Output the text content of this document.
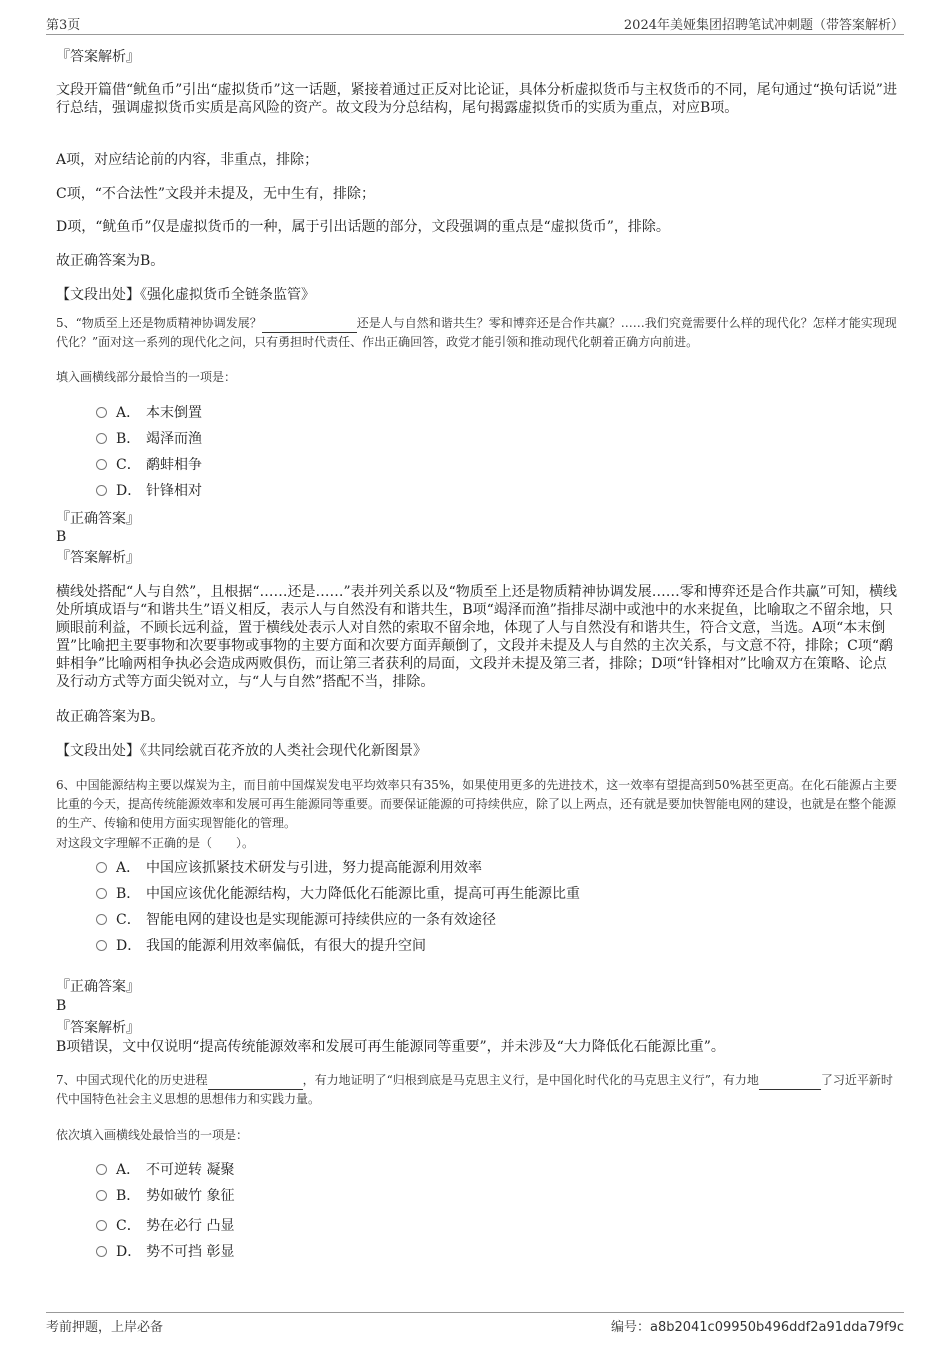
第3页	2024年美娅集团招聘笔试冲刺题（带答案解析）
『答案解析』
文段开篇借“鱿鱼币”引出“虚拟货币”这一话题，紧接着通过正反对比论证，具体分析虚拟货币与主权货币的不同，尾句通过“换句话说”进行总结，强调虚拟货币实质是高风险的资产。故文段为分总结构，尾句揭露虚拟货币的实质为重点，对应B项。
A项，对应结论前的内容，非重点，排除；
C项，“不合法性”文段并未提及，无中生有，排除；
D项，“鱿鱼币”仅是虚拟货币的一种，属于引出话题的部分，文段强调的重点是“虚拟货币”，排除。
故正确答案为B。
【文段出处】《强化虚拟货币全链条监管》
5、“物质至上还是物质精神协调发展？	还是人与自然和谐共生？零和博弈还是合作共赢？……我们究竟需要什么样的现代化？怎样才能实现现代化？”面对这一系列的现代化之问，只有勇担时代责任、作出正确回答，政党才能引领和推动现代化朝着正确方向前进。
填入画横线部分最恰当的一项是：
A． 本末倒置
B． 竭泽而渔
C． 鹬蚌相争
D． 针锋相对
『正确答案』
B
『答案解析』
横线处搭配“人与自然”，且根据“……还是……”表并列关系以及“物质至上还是物质精神协调发展……零和博弈还是合作共赢”可知，横线处所填成语与“和谐共生”语义相反，表示人与自然没有和谐共生，B项“竭泽而渔”指排尽湖中或池中的水来捉鱼，比喻取之不留余地，只顾眼前利益，不顾长远利益，置于横线处表示人对自然的索取不留余地，体现了人与自然没有和谐共生，符合文意，当选。A项“本末倒置”比喻把主要事物和次要事物或事物的主要方面和次要方面弄颠倒了，文段并未提及人与自然的主次关系，与文意不符，排除；C项“鹬蚌相争”比喻两相争执必会造成两败俱伤，而让第三者获利的局面，文段并未提及第三者，排除；D项“针锋相对”比喻双方在策略、论点及行动方式等方面尖锐对立，与“人与自然”搭配不当，排除。
故正确答案为B。
【文段出处】《共同绘就百花齐放的人类社会现代化新图景》
6、中国能源结构主要以煤炭为主，而目前中国煤炭发电平均效率只有35%，如果使用更多的先进技术，这一效率有望提高到50%甚至更高。在化石能源占主要比重的今天，提高传统能源效率和发展可再生能源同等重要。而要保证能源的可持续供应，除了以上两点，还有就是要加快智能电网的建设，也就是在整个能源的生产、传输和使用方面实现智能化的管理。
对这段文字理解不正确的是（　　）。
A． 中国应该抓紧技术研发与引进，努力提高能源利用效率
B． 中国应该优化能源结构，大力降低化石能源比重，提高可再生能源比重
C． 智能电网的建设也是实现能源可持续供应的一条有效途径
D． 我国的能源利用效率偏低，有很大的提升空间
『正确答案』
B
『答案解析』
B项错误，文中仅说明“提高传统能源效率和发展可再生能源同等重要”，并未涉及“大力降低化石能源比重”。
7、中国式现代化的历史进程	，有力地证明了“归根到底是马克思主义行，是中国化时代化的马克思主义行”，有力地	了习近平新时代中国特色社会主义思想的思想伟力和实践力量。
依次填入画横线处最恰当的一项是：
A． 不可逆转 凝聚
B． 势如破竹 象征
C． 势在必行 凸显
D． 势不可挡 彰显
考前押题，上岸必备	编号：a8b2041c09950b496ddf2a91dda79f9c
